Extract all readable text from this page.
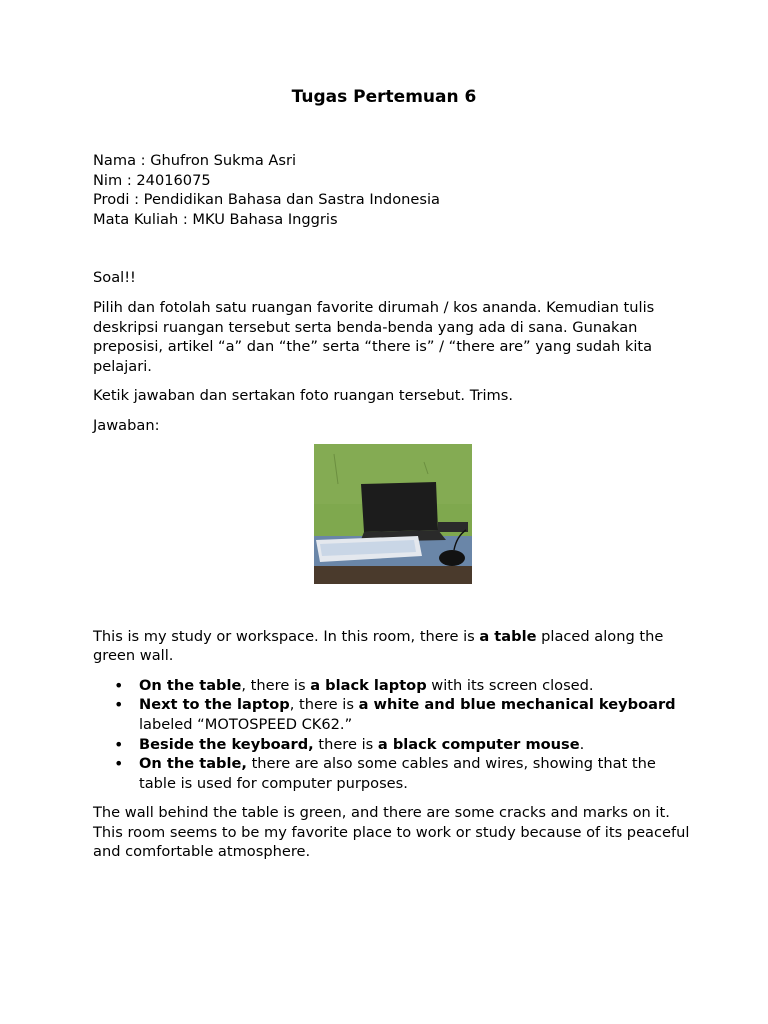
Tugas Pertemuan 6
Nama : Ghufron Sukma Asri
Nim : 24016075
Prodi : Pendidikan Bahasa dan Sastra Indonesia
Mata Kuliah : MKU Bahasa Inggris

Soal!!

Pilih dan fotolah satu ruangan favorite dirumah / kos ananda. Kemudian tulis deskripsi ruangan tersebut serta benda-benda yang ada di sana. Gunakan preposisi, artikel “a” dan “the” serta “there is” / “there are” yang sudah kita pelajari.

Ketik jawaban dan sertakan foto ruangan tersebut. Trims.

Jawaban:

This is my study or workspace. In this room, there is a table placed along the green wall.

• On the table, there is a black laptop with its screen closed.
• Next to the laptop, there is a white and blue mechanical keyboard labeled “MOTOSPEED CK62.”
• Beside the keyboard, there is a black computer mouse.
• On the table, there are also some cables and wires, showing that the table is used for computer purposes.

The wall behind the table is green, and there are some cracks and marks on it. This room seems to be my favorite place to work or study because of its peaceful and comfortable atmosphere.
